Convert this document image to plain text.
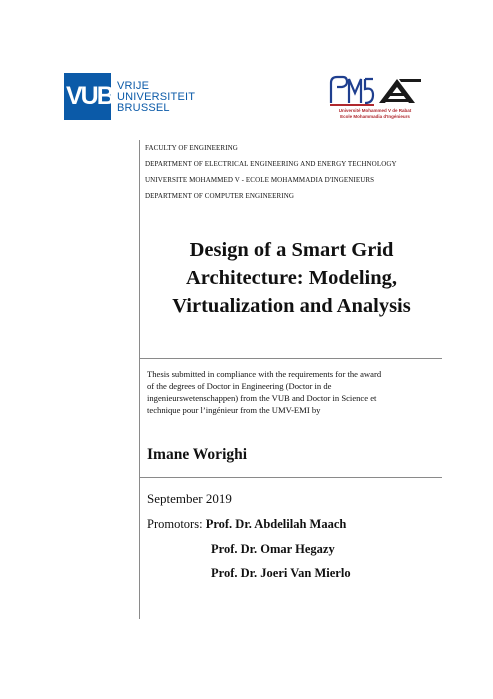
VUB VRIJE
UNIVERSITEIT
BRUSSEL	Université Mohammed V de Rabat
Ecole Mohammadia d'Ingénieurs
FACULTY OF ENGINEERING
DEPARTMENT OF ELECTRICAL ENGINEERING AND ENERGY TECHNOLOGY
UNIVERSITE MOHAMMED V - ECOLE MOHAMMADIA D'INGENIEURS
DEPARTMENT OF COMPUTER ENGINEERING
Design of a Smart Grid
Architecture: Modeling,
Virtualization and Analysis
Thesis submitted in compliance with the requirements for the award
of the degrees of Doctor in Engineering (Doctor in de
ingenieurswetenschappen) from the VUB and Doctor in Science et
technique pour l’ingénieur from the UMV-EMI by
Imane Worighi
September 2019
Promotors: Prof. Dr. Abdelilah Maach
Prof. Dr. Omar Hegazy
Prof. Dr. Joeri Van Mierlo
